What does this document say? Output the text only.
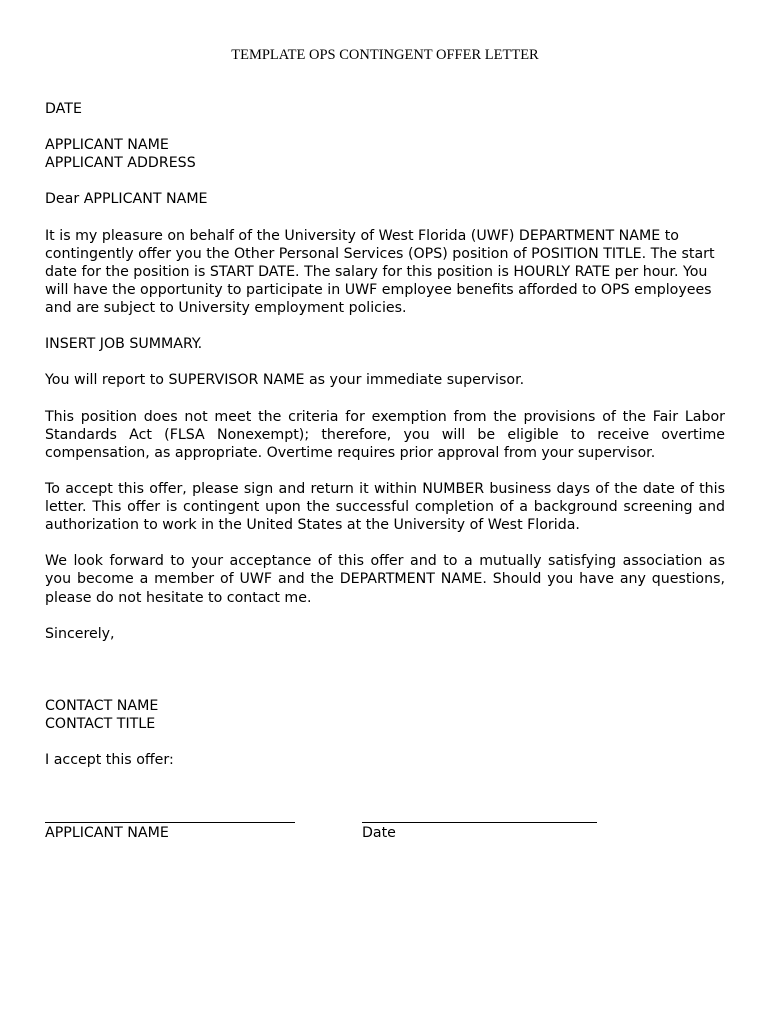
TEMPLATE OPS CONTINGENT OFFER LETTER

DATE

APPLICANT NAME
APPLICANT ADDRESS

Dear APPLICANT NAME

It is my pleasure on behalf of the University of West Florida (UWF) DEPARTMENT NAME to contingently offer you the Other Personal Services (OPS) position of POSITION TITLE. The start date for the position is START DATE. The salary for this position is HOURLY RATE per hour. You will have the opportunity to participate in UWF employee benefits afforded to OPS employees and are subject to University employment policies.

INSERT JOB SUMMARY.

You will report to SUPERVISOR NAME as your immediate supervisor.

This position does not meet the criteria for exemption from the provisions of the Fair Labor Standards Act (FLSA Nonexempt); therefore, you will be eligible to receive overtime compensation, as appropriate. Overtime requires prior approval from your supervisor.

To accept this offer, please sign and return it within NUMBER business days of the date of this letter. This offer is contingent upon the successful completion of a background screening and authorization to work in the United States at the University of West Florida.

We look forward to your acceptance of this offer and to a mutually satisfying association as you become a member of UWF and the DEPARTMENT NAME. Should you have any questions, please do not hesitate to contact me.

Sincerely,

CONTACT NAME
CONTACT TITLE

I accept this offer:

APPLICANT NAME	Date
